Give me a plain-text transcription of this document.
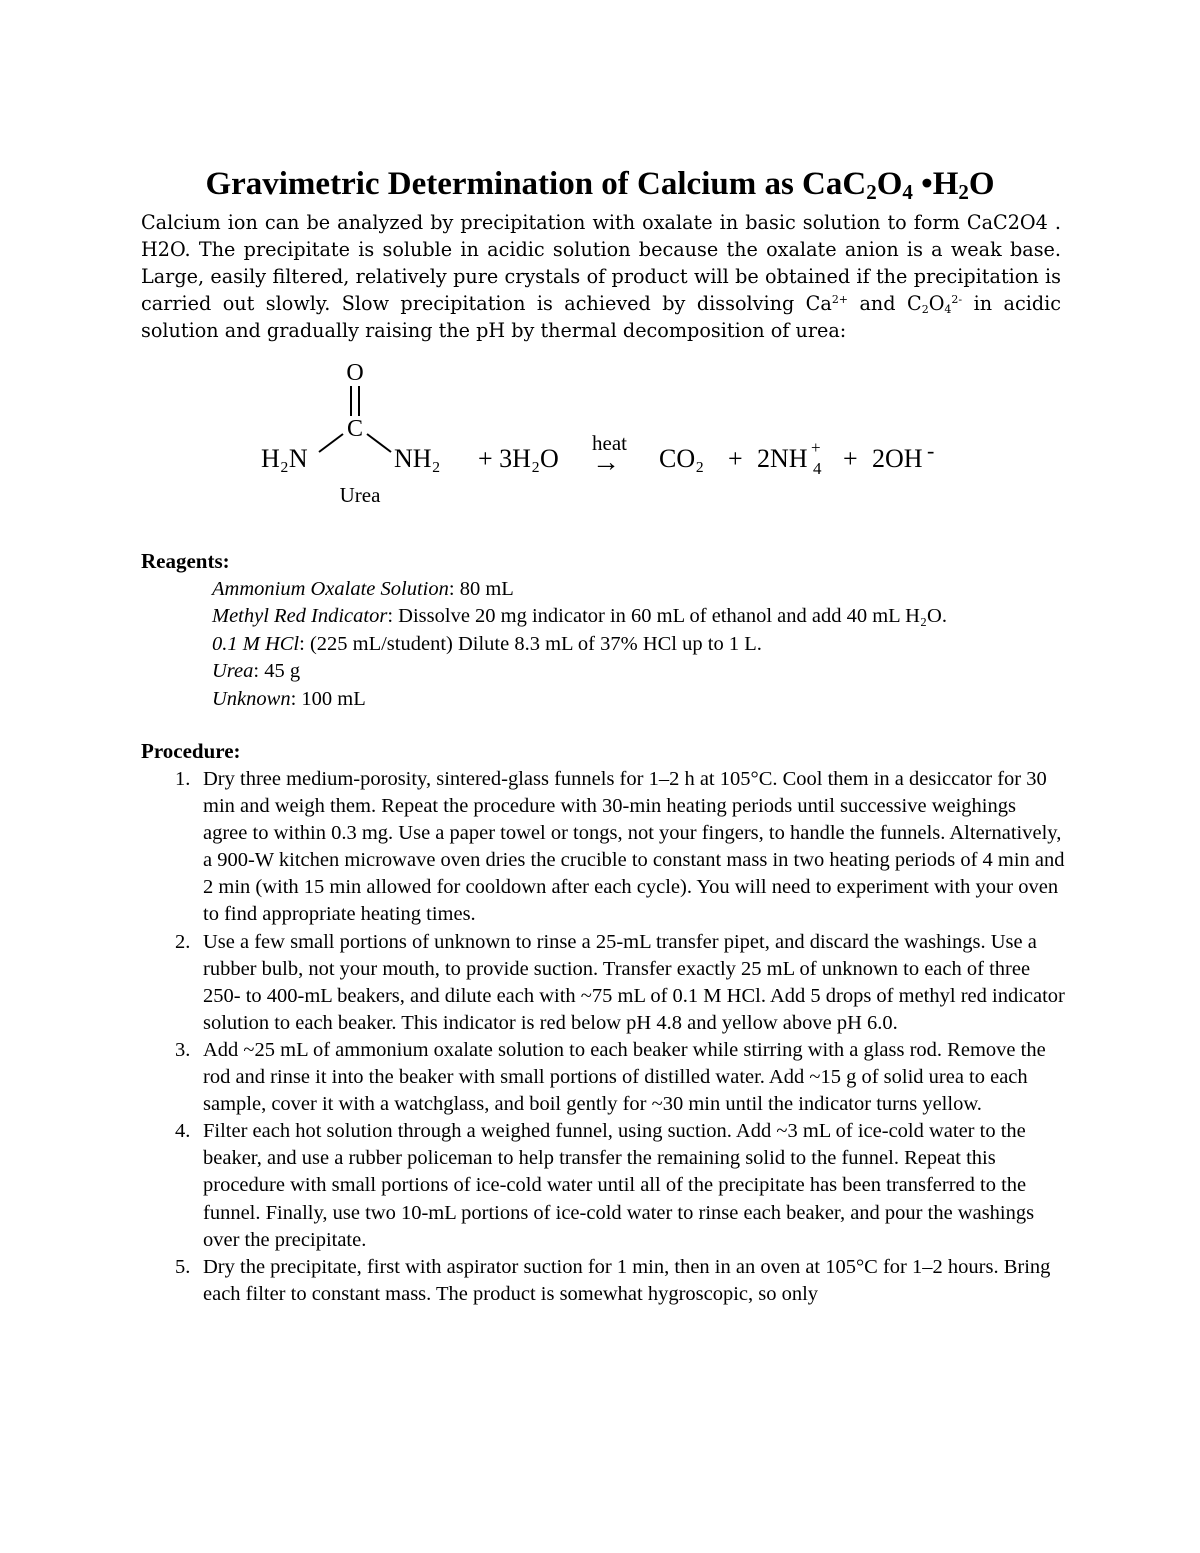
Gravimetric Determination of Calcium as $CaC_2O_4$ $•H_2O$

Calcium ion can be analyzed by precipitation with oxalate in basic solution to form CaC2O4 . H2O. The precipitate is soluble in acidic solution because the oxalate anion is a weak base. Large, easily filtered, relatively pure crystals of product will be obtained if the precipitation is carried out slowly. Slow precipitation is achieved by dissolving $Ca^{2+}$ and $C_2O_4^{2-}$ in acidic solution and gradually raising the pH by thermal decomposition of urea:

O
C
H₂N	NH₂
Urea
+ 3H₂O
heat
→ CO₂ + 2NH 4
+ + 2OH -
Reagents:
Ammonium Oxalate Solution: 80 mL
Methyl Red Indicator: Dissolve 20 mg indicator in 60 mL of ethanol and add 40 mL H₂O.
0.1 M HCl: (225 mL/student) Dilute 8.3 mL of 37% HCl up to 1 L.
Urea: 45 g
Unknown: 100 mL
Procedure:
1. Dry three medium-porosity, sintered-glass funnels for 1–2 h at 105°C. Cool them in a desiccator for 30 min and weigh them. Repeat the procedure with 30-min heating periods until successive weighings agree to within 0.3 mg. Use a paper towel or tongs, not your fingers, to handle the funnels. Alternatively, a 900-W kitchen microwave oven dries the crucible to constant mass in two heating periods of 4 min and 2 min (with 15 min allowed for cooldown after each cycle). You will need to experiment with your oven to find appropriate heating times.
2. Use a few small portions of unknown to rinse a 25-mL transfer pipet, and discard the washings. Use a rubber bulb, not your mouth, to provide suction. Transfer exactly 25 mL of unknown to each of three 250- to 400-mL beakers, and dilute each with ~75 mL of 0.1 M HCl. Add 5 drops of methyl red indicator solution to each beaker. This indicator is red below pH 4.8 and yellow above pH 6.0.
3. Add ~25 mL of ammonium oxalate solution to each beaker while stirring with a glass rod. Remove the rod and rinse it into the beaker with small portions of distilled water. Add ~15 g of solid urea to each sample, cover it with a watchglass, and boil gently for ~30 min until the indicator turns yellow.
4. Filter each hot solution through a weighed funnel, using suction. Add ~3 mL of ice-cold water to the beaker, and use a rubber policeman to help transfer the remaining solid to the funnel. Repeat this procedure with small portions of ice-cold water until all of the precipitate has been transferred to the funnel. Finally, use two 10-mL portions of ice-cold water to rinse each beaker, and pour the washings over the precipitate.
5. Dry the precipitate, first with aspirator suction for 1 min, then in an oven at 105°C for 1–2 hours. Bring each filter to constant mass. The product is somewhat hygroscopic, so only
